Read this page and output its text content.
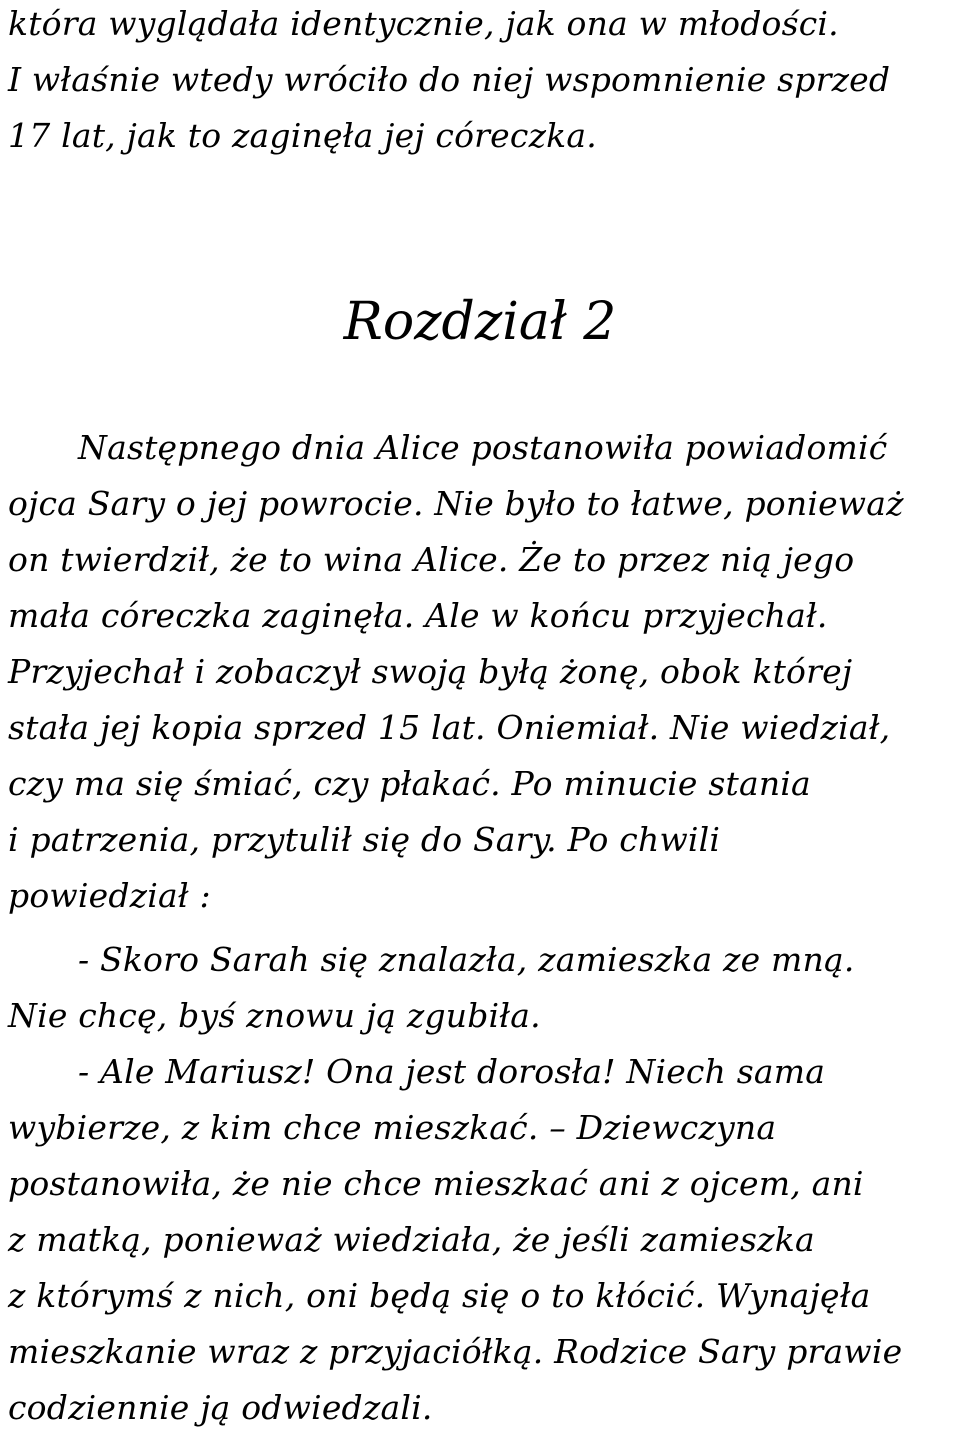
która wyglądała identycznie, jak ona w młodości.
I właśnie wtedy wróciło do niej wspomnienie sprzed
17 lat, jak to zaginęła jej córeczka.
Rozdział 2
Następnego dnia Alice postanowiła powiadomić
ojca Sary o jej powrocie. Nie było to łatwe, ponieważ
on twierdził, że to wina Alice. Że to przez nią jego
mała córeczka zaginęła. Ale w końcu przyjechał.
Przyjechał i zobaczył swoją byłą żonę, obok której
stała jej kopia sprzed 15 lat. Oniemiał. Nie wiedział,
czy ma się śmiać, czy płakać. Po minucie stania
i patrzenia, przytulił się do Sary. Po chwili
powiedział :
- Skoro Sarah się znalazła, zamieszka ze mną.
Nie chcę, byś znowu ją zgubiła.
- Ale Mariusz! Ona jest dorosła! Niech sama
wybierze, z kim chce mieszkać. – Dziewczyna
postanowiła, że nie chce mieszkać ani z ojcem, ani
z matką, ponieważ wiedziała, że jeśli zamieszka
z którymś z nich, oni będą się o to kłócić. Wynajęła
mieszkanie wraz z przyjaciółką. Rodzice Sary prawie
codziennie ją odwiedzali.
